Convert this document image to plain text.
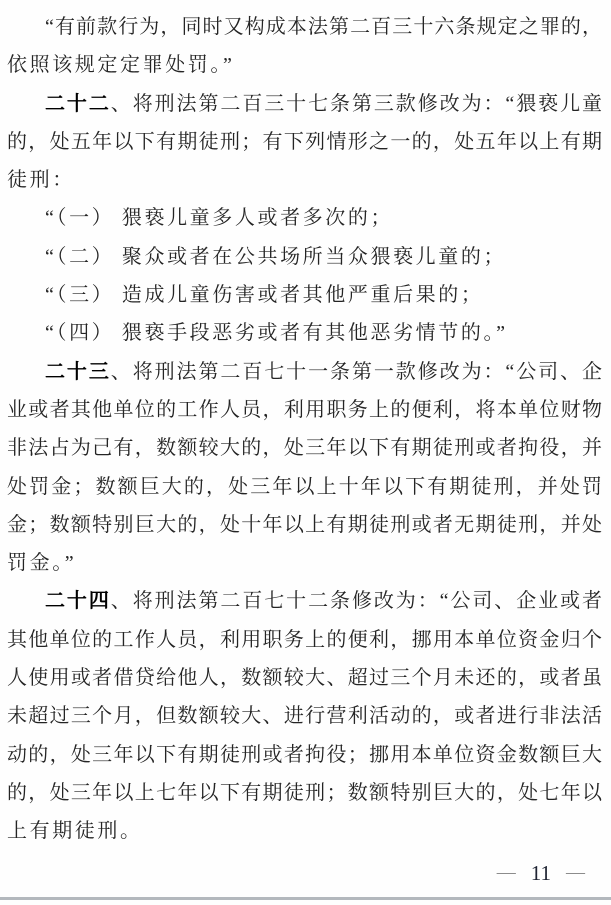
“有前款行为，同时又构成本法第二百三十六条规定之罪的，

依照该规定定罪处罚。”

二十二、将刑法第二百三十七条第三款修改为：“猥亵儿童

的，处五年以下有期徒刑；有下列情形之一的，处五年以上有期

徒刑：

“（一） 猥亵儿童多人或者多次的；

“（二） 聚众或者在公共场所当众猥亵儿童的；

“（三） 造成儿童伤害或者其他严重后果的；

“（四） 猥亵手段恶劣或者有其他恶劣情节的。”

二十三、将刑法第二百七十一条第一款修改为：“公司、企

业或者其他单位的工作人员，利用职务上的便利，将本单位财物

非法占为己有，数额较大的，处三年以下有期徒刑或者拘役，并

处罚金；数额巨大的，处三年以上十年以下有期徒刑，并处罚

金；数额特别巨大的，处十年以上有期徒刑或者无期徒刑，并处

罚金。”

二十四、将刑法第二百七十二条修改为：“公司、企业或者

其他单位的工作人员，利用职务上的便利，挪用本单位资金归个

人使用或者借贷给他人，数额较大、超过三个月未还的，或者虽

未超过三个月，但数额较大、进行营利活动的，或者进行非法活

动的，处三年以下有期徒刑或者拘役；挪用本单位资金数额巨大

的，处三年以上七年以下有期徒刑；数额特别巨大的，处七年以

上有期徒刑。

— 11 —
